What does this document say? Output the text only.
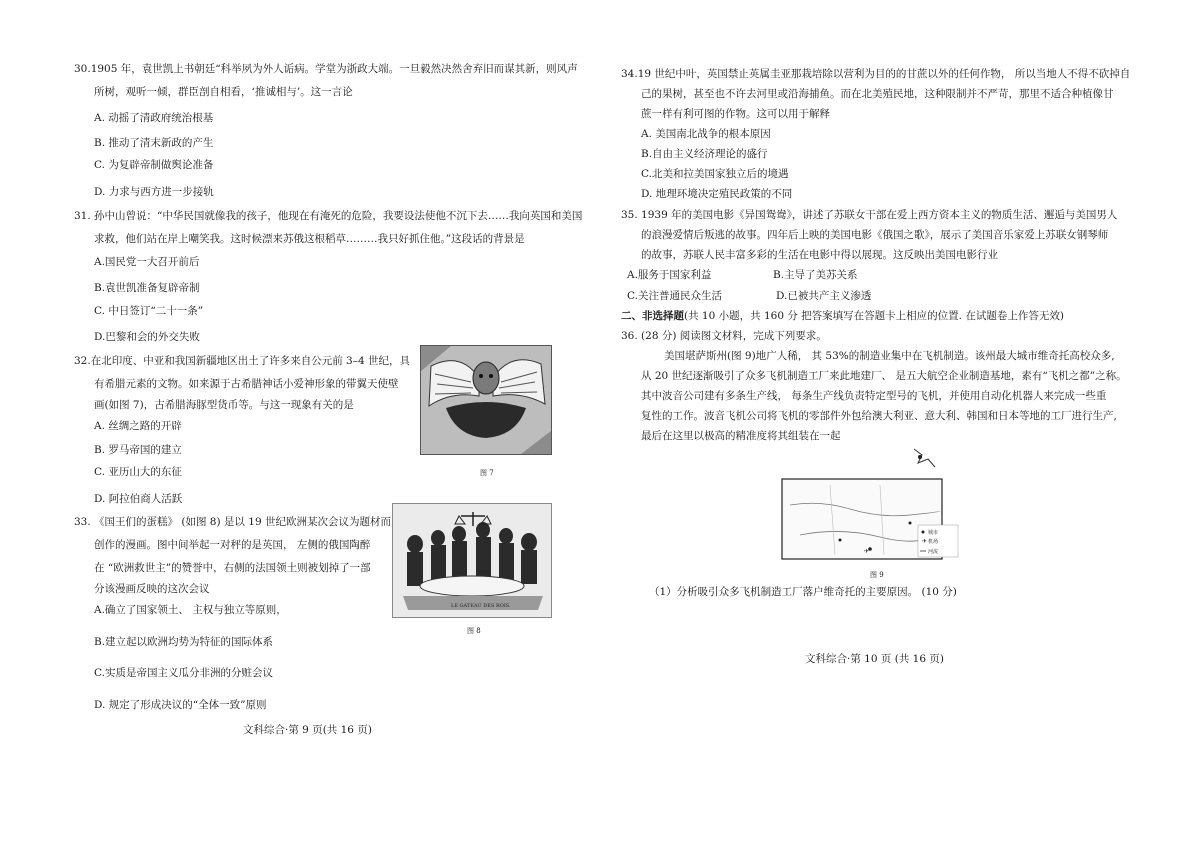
30.1905 年，袁世凯上书朝廷“科举夙为外人诟病。学堂为浙政大端。一旦毅然决然舍弃旧而谋其新，则风声
所树，观听一倾，群臣剖自相看，‘推诚相与’。这一言论
A. 动摇了清政府统治根基
B. 推动了清末新政的产生
C. 为复辟帝制做舆论准备
D. 力求与西方进一步接轨
31. 孙中山曾说：“中华民国就像我的孩子，他现在有淹死的危险，我要设法使他不沉下去……我向英国和美国
求救，他们站在岸上嘲笑我。这时候漂来苏俄这根稻草………我只好抓住他。”这段话的背景是
A.国民党一大召开前后
B.袁世凯准备复辟帝制
C. 中日签订“二十一条”
D.巴黎和会的外交失败
32.在北印度、中亚和我国新疆地区出土了许多来自公元前 3–4 世纪，具
有希腊元素的文物。如来源于古希腊神话小爱神形象的带翼天使壁
画(如图 7)，古希腊海豚型货币等。与这一现象有关的是
A. 丝绸之路的开辟
B. 罗马帝国的建立
C. 亚历山大的东征
D. 阿拉伯商人活跃
图 7
33. 《国王们的蛋糕》 (如图 8) 是以 19 世纪欧洲某次会议为题材而
创作的漫画。图中间举起一对秤的是英国， 左侧的俄国陶醉
在 “欧洲救世主”的赞誉中，右侧的法国领土则被划掉了一部
分该漫画反映的这次会议
A.确立了国家领土、 主权与独立等原则，
B.建立起以欧洲均势为特征的国际体系
C.实质是帝国主义瓜分非洲的分赃会议
D. 规定了形成决议的“全体一致”原则
LE GATEAU DES ROIS.
图 8
文科综合·第 9 页(共 16 页)
34.19 世纪中叶，英国禁止英属圭亚那栽培除以营利为目的的甘蔗以外的任何作物， 所以当地人不得不砍掉自
己的果树，甚至也不许去河里或沿海捕鱼。而在北美殖民地，这种限制并不严苛，那里不适合种植像甘
蔗一样有利可图的作物。这可以用于解释
A. 美国南北战争的根本原因
B.自由主义经济理论的盛行
C.北美和拉美国家独立后的境遇
D. 地理环境决定殖民政策的不同
35. 1939 年的美国电影《异国鸳鸯》，讲述了苏联女干部在爱上西方资本主义的物质生活、邂逅与美国男人
的浪漫爱情后叛逃的故事。四年后上映的美国电影《俄国之歌》，展示了美国音乐家爱上苏联女钢琴师
的故事，苏联人民丰富多彩的生活在电影中得以展现。这反映出美国电影行业
A.服务于国家利益	B.主导了美苏关系
C.关注普通民众生活	D.已被共产主义渗透
二、非选择题(共 10 小题，共 160 分 把答案填写在答题卡上相应的位置. 在试题卷上作答无效)
36. (28 分) 阅读图文材料，完成下列要求。
美国堪萨斯州(图 9)地广人稀， 其 53%的制造业集中在飞机制造。该州最大城市维奇托高校众多,
从 20 世纪逐渐吸引了众多飞机制造工厂来此地建厂、 是五大航空企业制造基地，素有“飞机之都”之称。
其中波音公司建有多条生产线， 每条生产线负责特定型号的飞机，并使用自动化机器人来完成一些重
复性的工作。波音飞机公司将飞机的零部件外包给澳大利亚、意大利、韩国和日本等地的工厂进行生产,
最后在这里以极高的精准度将其组装在一起
✈
✈
城市
机场
河流
图 9
（1）分析吸引众多飞机制造工厂落户维奇托的主要原因。 (10 分)
文科综合·第 10 页 (共 16 页)
